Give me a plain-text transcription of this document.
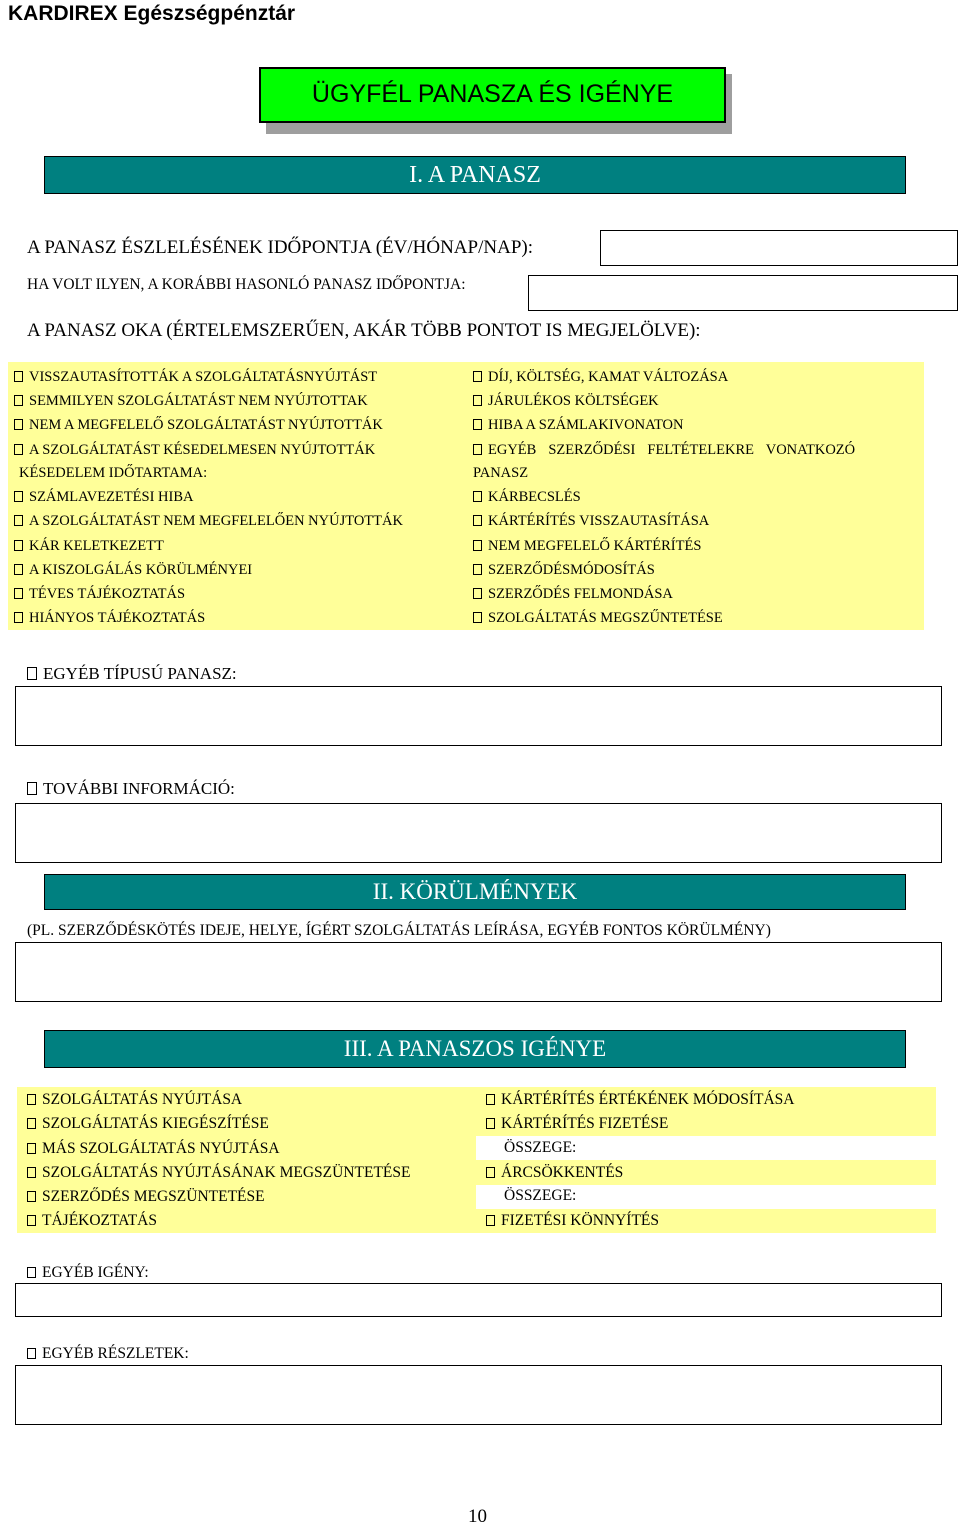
KARDIREX Egészségpénztár
ÜGYFÉL PANASZA ÉS IGÉNYE
I. A PANASZ
A PANASZ ÉSZLELÉSÉNEK IDŐPONTJA (ÉV/HÓNAP/NAP):
HA VOLT ILYEN, A KORÁBBI HASONLÓ PANASZ IDŐPONTJA:
A PANASZ OKA (ÉRTELEMSZERŰEN, AKÁR TÖBB PONTOT IS MEGJELÖLVE):
VISSZAUTASÍTOTTÁK A SZOLGÁLTATÁSNYÚJTÁST
SEMMILYEN SZOLGÁLTATÁST NEM NYÚJTOTTAK
NEM A MEGFELELŐ SZOLGÁLTATÁST NYÚJTOTTÁK
A SZOLGÁLTATÁST KÉSEDELMESEN NYÚJTOTTÁK
KÉSEDELEM IDŐTARTAMA:
SZÁMLAVEZETÉSI HIBA
A SZOLGÁLTATÁST NEM MEGFELELŐEN NYÚJTOTTÁK
KÁR KELETKEZETT
A KISZOLGÁLÁS KÖRÜLMÉNYEI
TÉVES TÁJÉKOZTATÁS
HIÁNYOS TÁJÉKOZTATÁS
DÍJ, KÖLTSÉG, KAMAT VÁLTOZÁSA
JÁRULÉKOS KÖLTSÉGEK
HIBA A SZÁMLAKIVONATON
EGYÉB SZERZŐDÉSI FELTÉTELEKRE VONATKOZÓ
PANASZ
KÁRBECSLÉS
KÁRTÉRÍTÉS VISSZAUTASÍTÁSA
NEM MEGFELELŐ KÁRTÉRÍTÉS
SZERZŐDÉSMÓDOSÍTÁS
SZERZŐDÉS FELMONDÁSA
SZOLGÁLTATÁS MEGSZŰNTETÉSE
EGYÉB TÍPUSÚ PANASZ:
TOVÁBBI INFORMÁCIÓ:
II. KÖRÜLMÉNYEK
(PL. SZERZŐDÉSKÖTÉS IDEJE, HELYE, ÍGÉRT SZOLGÁLTATÁS LEÍRÁSA, EGYÉB FONTOS KÖRÜLMÉNY)
III. A PANASZOS IGÉNYE
SZOLGÁLTATÁS NYÚJTÁSA
SZOLGÁLTATÁS KIEGÉSZÍTÉSE
MÁS SZOLGÁLTATÁS NYÚJTÁSA
SZOLGÁLTATÁS NYÚJTÁSÁNAK MEGSZÜNTETÉSE
SZERZŐDÉS MEGSZÜNTETÉSE
TÁJÉKOZTATÁS
KÁRTÉRÍTÉS ÉRTÉKÉNEK MÓDOSÍTÁSA
KÁRTÉRÍTÉS FIZETÉSE
ÖSSZEGE:
ÁRCSÖKKENTÉS
ÖSSZEGE:
FIZETÉSI KÖNNYÍTÉS
EGYÉB IGÉNY:
EGYÉB RÉSZLETEK:
10
